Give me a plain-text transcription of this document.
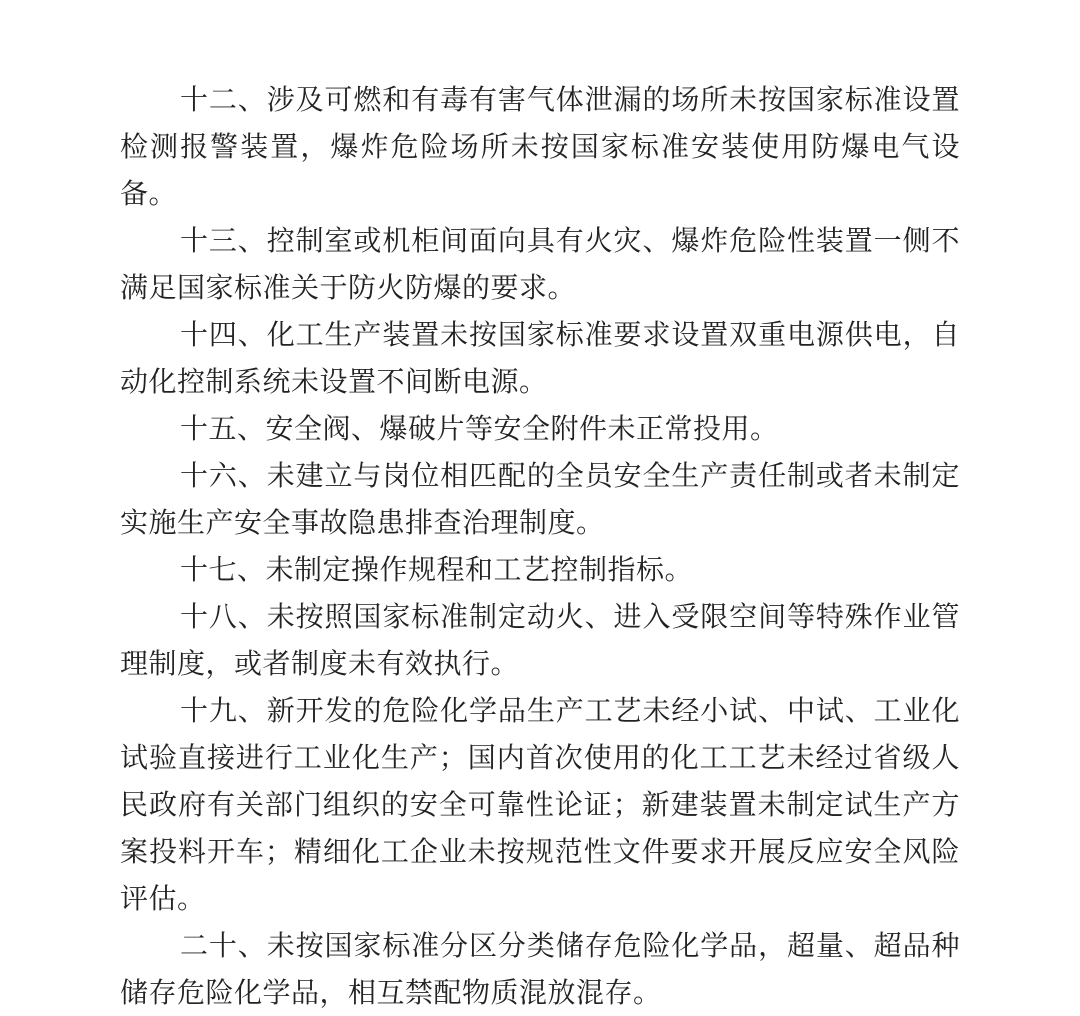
十二、涉及可燃和有毒有害气体泄漏的场所未按国家标准设置检测报警装置，爆炸危险场所未按国家标准安装使用防爆电气设备。

十三、控制室或机柜间面向具有火灾、爆炸危险性装置一侧不满足国家标准关于防火防爆的要求。

十四、化工生产装置未按国家标准要求设置双重电源供电，自动化控制系统未设置不间断电源。

十五、安全阀、爆破片等安全附件未正常投用。

十六、未建立与岗位相匹配的全员安全生产责任制或者未制定实施生产安全事故隐患排查治理制度。

十七、未制定操作规程和工艺控制指标。

十八、未按照国家标准制定动火、进入受限空间等特殊作业管理制度，或者制度未有效执行。

十九、新开发的危险化学品生产工艺未经小试、中试、工业化试验直接进行工业化生产；国内首次使用的化工工艺未经过省级人民政府有关部门组织的安全可靠性论证；新建装置未制定试生产方案投料开车；精细化工企业未按规范性文件要求开展反应安全风险评估。

二十、未按国家标准分区分类储存危险化学品，超量、超品种储存危险化学品，相互禁配物质混放混存。
